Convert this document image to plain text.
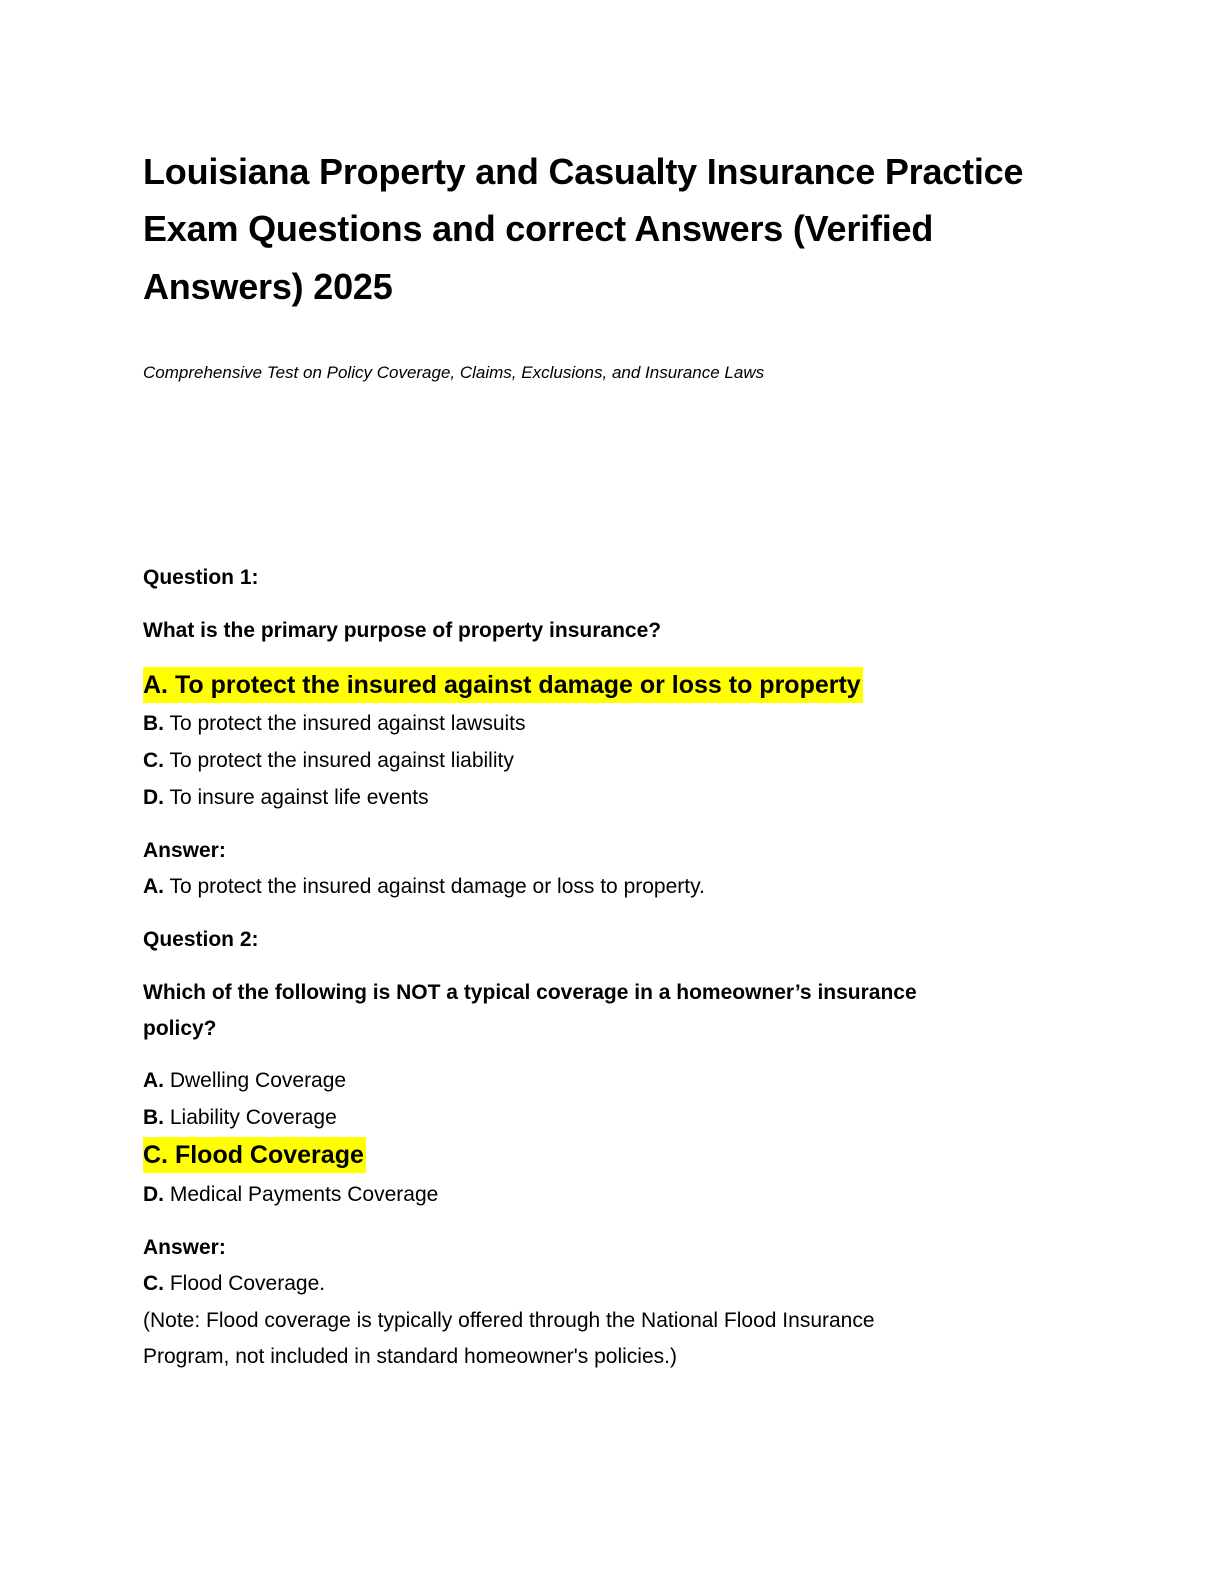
Louisiana Property and Casualty Insurance Practice

Exam Questions and correct Answers (Verified

Answers) 2025

Comprehensive Test on Policy Coverage, Claims, Exclusions, and Insurance Laws

Question 1:

What is the primary purpose of property insurance?

A. To protect the insured against damage or loss to property

B. To protect the insured against lawsuits

C. To protect the insured against liability

D. To insure against life events

Answer:

A. To protect the insured against damage or loss to property.

Question 2:

Which of the following is NOT a typical coverage in a homeowner’s insurance

policy?

A. Dwelling Coverage

B. Liability Coverage

C. Flood Coverage

D. Medical Payments Coverage

Answer:

C. Flood Coverage.

(Note: Flood coverage is typically offered through the National Flood Insurance

Program, not included in standard homeowner's policies.)
